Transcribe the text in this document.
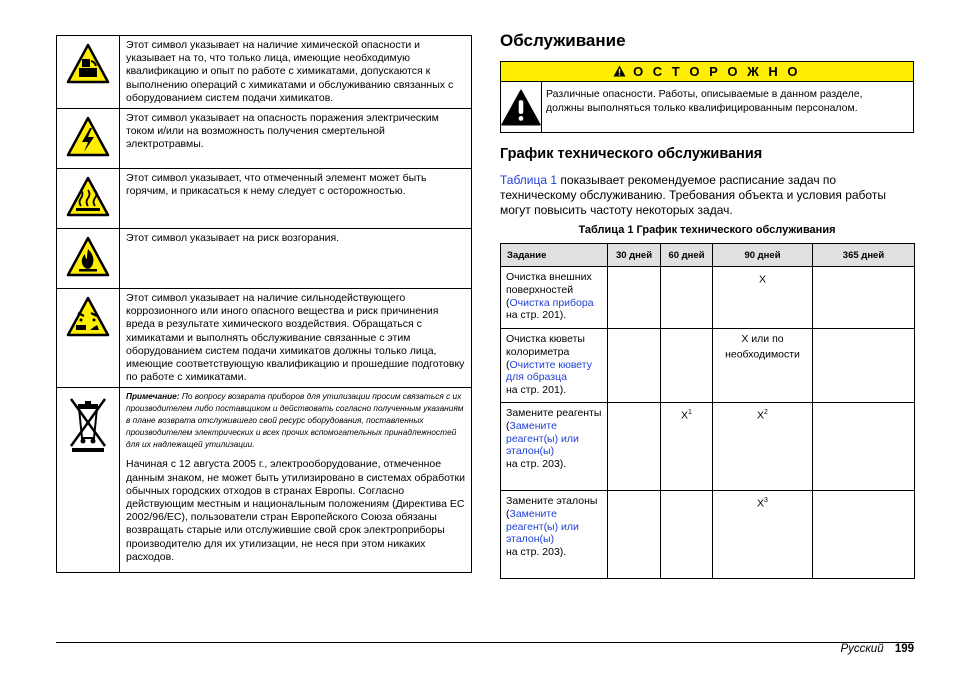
	Этот символ указывает на наличие химической опасности и указывает на то, что только лица, имеющие необходимую квалификацию и опыт по работе с химикатами, допускаются к выполнению операций с химикатами и обслуживанию связанных с оборудованием систем подачи химикатов.
	Этот символ указывает на опасность поражения электрическим током и/или на возможность получения смертельной электротравмы.
	Этот символ указывает, что отмеченный элемент может быть горячим, и прикасаться к нему следует с осторожностью.
	Этот символ указывает на риск возгорания.
	Этот символ указывает на наличие сильнодействующего коррозионного или иного опасного вещества и риск причинения вреда в результате химического воздействия. Обращаться с химикатами и выполнять обслуживание связанные с этим оборудованием систем подачи химикатов должны только лица, имеющие соответствующую квалификацию и прошедшие подготовку по работе с химикатами.

Примечание: По вопросу возврата приборов для утилизации просим связаться с их производителем либо поставщиком и действовать согласно полученным указаниям в плане возврата отслужившего свой ресурс оборудования, поставленных производителем электрических и всех прочих вспомогательных принадлежностей для их надлежащей утилизации.
Начиная с 12 августа 2005 г., электрооборудование, отмеченное данным знаком, не может быть утилизировано в системах обработки обычных городских отходов в странах Европы. Согласно действующим местным и национальным положениям (Директива ЕС 2002/96/EC), пользователи стран Европейского Союза обязаны возвращать старые или отслужившие свой срок электроприборы производителю для их утилизации, не неся при этом никаких расходов.
Обслуживание
О С Т О Р О Ж Н О
Различные опасности. Работы, описываемые в данном разделе, должны выполняться только квалифицированным персоналом.
График технического обслуживания

Таблица 1 показывает рекомендуемое расписание задач по техническому обслуживанию. Требования объекта и условия работы могут повысить частоту некоторых задач.

Таблица 1 График технического обслуживания
Задание	30 дней	60 дней	90 дней	365 дней
Очистка внешних поверхностей
(Очистка прибора
на стр. 201).			X	
Очистка кюветы колориметра
(Очистите кювету для образца
на стр. 201).			X или по необходимости	
Замените реагенты
(Замените реагент(ы) или эталон(ы)
на стр. 203).		$X^1$	$X^2$	
Замените эталоны
(Замените реагент(ы) или эталон(ы)
на стр. 203).			$X^3$	
Русский 199
